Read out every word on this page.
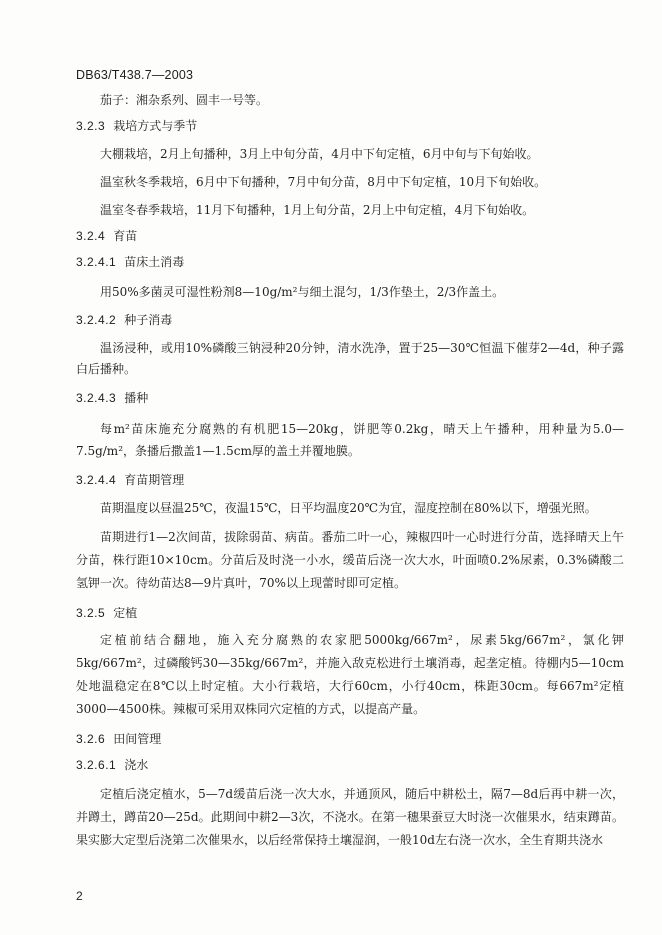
DB63/T438.7—2003

茄子：湘杂系列、圆丰一号等。

3.2.3 栽培方式与季节

大棚栽培，2月上旬播种，3月上中旬分苗，4月中下旬定植，6月中旬与下旬始收。

温室秋冬季栽培，6月中下旬播种，7月中旬分苗，8月中下旬定植，10月下旬始收。

温室冬春季栽培，11月下旬播种，1月上旬分苗，2月上中旬定植，4月下旬始收。

3.2.4 育苗

3.2.4.1 苗床土消毒

用50%多菌灵可湿性粉剂8—10g/m²与细土混匀，1/3作垫土，2/3作盖土。

3.2.4.2 种子消毒

温汤浸种，或用10%磷酸三钠浸种20分钟，清水洗净，置于25—30℃恒温下催芽2—4d，种子露白后播种。

3.2.4.3 播种

每m²苗床施充分腐熟的有机肥15—20kg，饼肥等0.2kg，晴天上午播种，用种量为5.0—7.5g/m²，条播后撒盖1—1.5cm厚的盖土并覆地膜。

3.2.4.4 育苗期管理

苗期温度以昼温25℃，夜温15℃，日平均温度20℃为宜，湿度控制在80%以下，增强光照。

苗期进行1—2次间苗，拔除弱苗、病苗。番茄二叶一心，辣椒四叶一心时进行分苗，选择晴天上午分苗，株行距10×10cm。分苗后及时浇一小水，缓苗后浇一次大水，叶面喷0.2%尿素，0.3%磷酸二氢钾一次。待幼苗达8—9片真叶，70%以上现蕾时即可定植。

3.2.5 定植

定植前结合翻地，施入充分腐熟的农家肥5000kg/667m²，尿素5kg/667m²，氯化钾5kg/667m²，过磷酸钙30—35kg/667m²，并施入敌克松进行土壤消毒，起垄定植。待棚内5—10cm处地温稳定在8℃以上时定植。大小行栽培，大行60cm，小行40cm，株距30cm。每667m²定植3000—4500株。辣椒可采用双株同穴定植的方式，以提高产量。

3.2.6 田间管理

3.2.6.1 浇水

定植后浇定植水，5—7d缓苗后浇一次大水，并通顶风，随后中耕松土，隔7—8d后再中耕一次，并蹲土，蹲苗20—25d。此期间中耕2—3次，不浇水。在第一穗果蚕豆大时浇一次催果水，结束蹲苗。果实膨大定型后浇第二次催果水，以后经常保持土壤湿润，一般10d左右浇一次水，全生育期共浇水

2
